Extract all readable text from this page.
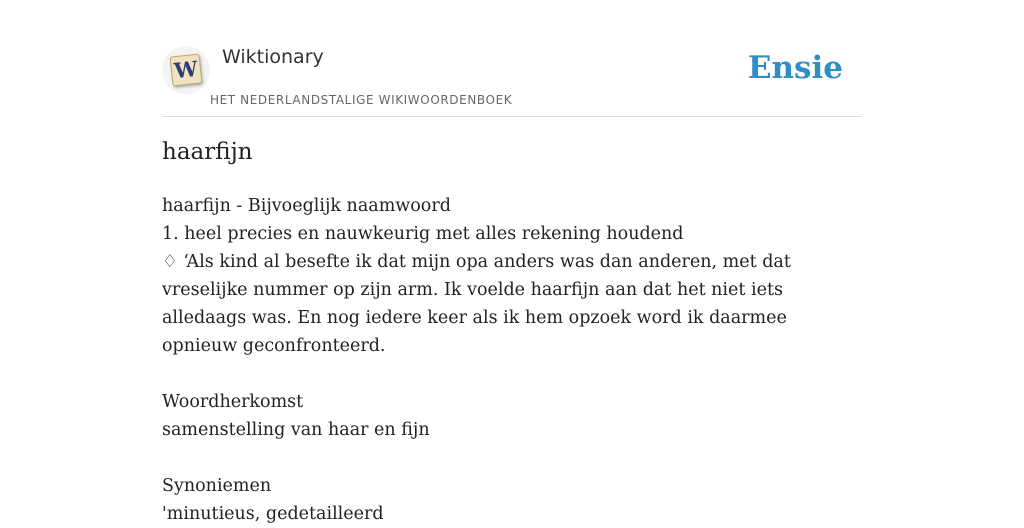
W Wiktionary
HET NEDERLANDSTALIGE WIKIWOORDENBOEK
Ensie
haarfijn

haarfijn - Bijvoeglijk naamwoord

1. heel precies en nauwkeurig met alles rekening houdend

♢ ‘Als kind al besefte ik dat mijn opa anders was dan anderen, met dat vreselijke nummer op zijn arm. Ik voelde haarfijn aan dat het niet iets alledaags was. En nog iedere keer als ik hem opzoek word ik daarmee opnieuw geconfronteerd.

Woordherkomst

samenstelling van haar en fijn

Synoniemen

'minutieus, gedetailleerd
